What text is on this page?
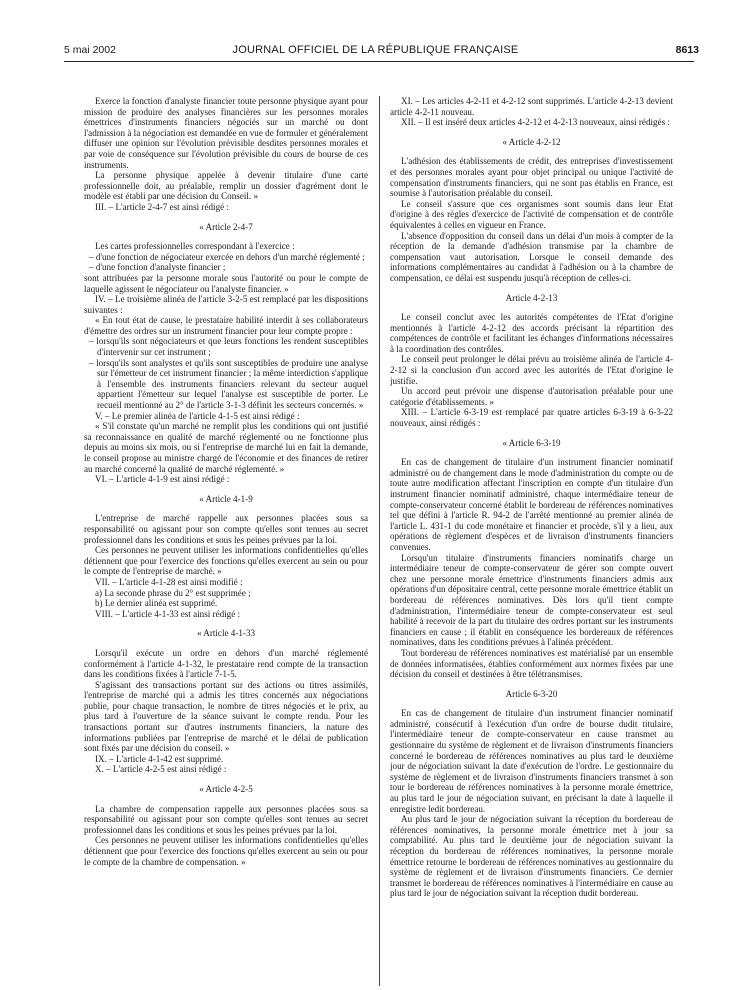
5 mai 2002	JOURNAL OFFICIEL DE LA RÉPUBLIQUE FRANÇAISE	8613

Exerce la fonction d'analyste financier toute personne physique ayant pour mission de produire des analyses financières sur les personnes morales émettrices d'instruments financiers négociés sur un marché ou dont l'admission à la négociation est demandée en vue de formuler et généralement diffuser une opinion sur l'évolution prévisible desdites personnes morales et par voie de conséquence sur l'évolution prévisible du cours de bourse de ces instruments.

La personne physique appelée à devenir titulaire d'une carte professionnelle doit, au préalable, remplir un dossier d'agrément dont le modèle est établi par une décision du Conseil. »

III. – L'article 2-4-7 est ainsi rédigé :

« Article 2-4-7

Les cartes professionnelles correspondant à l'exercice :

– d'une fonction de négociateur exercée en dehors d'un marché réglementé ;
– d'une fonction d'analyste financier ;

sont attribuées par la personne morale sous l'autorité ou pour le compte de laquelle agissent le négociateur ou l'analyste financier. »

IV. – Le troisième alinéa de l'article 3-2-5 est remplacé par les dispositions suivantes :

« En tout état de cause, le prestataire habilité interdit à ses collaborateurs d'émettre des ordres sur un instrument financier pour leur compte propre :

– lorsqu'ils sont négociateurs et que leurs fonctions les rendent susceptibles d'intervenir sur cet instrument ;
– lorsqu'ils sont analystes et qu'ils sont susceptibles de produire une analyse sur l'émetteur de cet instrument financier ; la même interdiction s'applique à l'ensemble des instruments financiers relevant du secteur auquel appartient l'émetteur sur lequel l'analyse est susceptible de porter. Le recueil mentionné au 2° de l'article 3-1-3 définit les secteurs concernés. »

V. – Le premier alinéa de l'article 4-1-5 est ainsi rédigé :

« S'il constate qu'un marché ne remplit plus les conditions qui ont justifié sa reconnaissance en qualité de marché réglementé ou ne fonctionne plus depuis au moins six mois, ou si l'entreprise de marché lui en fait la demande, le conseil propose au ministre chargé de l'économie et des finances de retirer au marché concerné la qualité de marché réglementé. »

VI. – L'article 4-1-9 est ainsi rédigé :

« Article 4-1-9

L'entreprise de marché rappelle aux personnes placées sous sa responsabilité ou agissant pour son compte qu'elles sont tenues au secret professionnel dans les conditions et sous les peines prévues par la loi.

Ces personnes ne peuvent utiliser les informations confidentielles qu'elles détiennent que pour l'exercice des fonctions qu'elles exercent au sein ou pour le compte de l'entreprise de marché. »

VII. – L'article 4-1-28 est ainsi modifié :

a) La seconde phrase du 2° est supprimée ;

b) Le dernier alinéa est supprimé.

VIII. – L'article 4-1-33 est ainsi rédigé :

« Article 4-1-33

Lorsqu'il exécute un ordre en dehors d'un marché réglementé conformément à l'article 4-1-32, le prestataire rend compte de la transaction dans les conditions fixées à l'article 7-1-5.

S'agissant des transactions portant sur des actions ou titres assimilés, l'entreprise de marché qui a admis les titres concernés aux négociations publie, pour chaque transaction, le nombre de titres négociés et le prix, au plus tard à l'ouverture de la séance suivant le compte rendu. Pour les transactions portant sur d'autres instruments financiers, la nature des informations publiées par l'entreprise de marché et le délai de publication sont fixés par une décision du conseil. »

IX. – L'article 4-1-42 est supprimé.

X. – L'article 4-2-5 est ainsi rédigé :

« Article 4-2-5

La chambre de compensation rappelle aux personnes placées sous sa responsabilité ou agissant pour son compte qu'elles sont tenues au secret professionnel dans les conditions et sous les peines prévues par la loi.

Ces personnes ne peuvent utiliser les informations confidentielles qu'elles détiennent que pour l'exercice des fonctions qu'elles exercent au sein ou pour le compte de la chambre de compensation. »

XI. – Les articles 4-2-11 et 4-2-12 sont supprimés. L'article 4-2-13 devient article 4-2-11 nouveau.

XII. – Il est inséré deux articles 4-2-12 et 4-2-13 nouveaux, ainsi rédigés :

« Article 4-2-12

L'adhésion des établissements de crédit, des entreprises d'investissement et des personnes morales ayant pour objet principal ou unique l'activité de compensation d'instruments financiers, qui ne sont pas établis en France, est soumise à l'autorisation préalable du conseil.

Le conseil s'assure que ces organismes sont soumis dans leur Etat d'origine à des règles d'exercice de l'activité de compensation et de contrôle équivalentes à celles en vigueur en France.

L'absence d'opposition du conseil dans un délai d'un mois à compter de la réception de la demande d'adhésion transmise par la chambre de compensation vaut autorisation. Lorsque le conseil demande des informations complémentaires au candidat à l'adhésion ou à la chambre de compensation, ce délai est suspendu jusqu'à réception de celles-ci.

Article 4-2-13

Le conseil conclut avec les autorités compétentes de l'Etat d'origine mentionnés à l'article 4-2-12 des accords précisant la répartition des compétences de contrôle et facilitant les échanges d'informations nécessaires à la coordination des contrôles.

Le conseil peut prolonger le délai prévu au troisième alinéa de l'article 4-2-12 si la conclusion d'un accord avec les autorités de l'Etat d'origine le justifie.

Un accord peut prévoir une dispense d'autorisation préalable pour une catégorie d'établissements. »

XIII. – L'article 6-3-19 est remplacé par quatre articles 6-3-19 à 6-3-22 nouveaux, ainsi rédigés :

« Article 6-3-19

En cas de changement de titulaire d'un instrument financier nominatif administré ou de changement dans le mode d'administration du compte ou de toute autre modification affectant l'inscription en compte d'un titulaire d'un instrument financier nominatif administré, chaque intermédiaire teneur de compte-conservateur concerné établit le bordereau de références nominatives tel que défini à l'article R. 94-2 de l'arrêté mentionné au premier alinéa de l'article L. 431-1 du code monétaire et financier et procède, s'il y a lieu, aux opérations de règlement d'espèces et de livraison d'instruments financiers convenues.

Lorsqu'un titulaire d'instruments financiers nominatifs charge un intermédiaire teneur de compte-conservateur de gérer son compte ouvert chez une personne morale émettrice d'instruments financiers admis aux opérations d'un dépositaire central, cette personne morale émettrice établit un bordereau de références nominatives. Dès lors qu'il tient compte d'administration, l'intermédiaire teneur de compte-conservateur est seul habilité à recevoir de la part du titulaire des ordres portant sur les instruments financiers en cause ; il établit en conséquence les bordereaux de références nominatives, dans les conditions prévues à l'alinéa précédent.

Tout bordereau de références nominatives est matérialisé par un ensemble de données informatisées, établies conformément aux normes fixées par une décision du conseil et destinées à être télétransmises.

Article 6-3-20

En cas de changement de titulaire d'un instrument financier nominatif administré, consécutif à l'exécution d'un ordre de bourse dudit titulaire, l'intermédiaire teneur de compte-conservateur en cause transmet au gestionnaire du système de règlement et de livraison d'instruments financiers concerné le bordereau de références nominatives au plus tard le deuxième jour de négociation suivant la date d'exécution de l'ordre. Le gestionnaire du système de règlement et de livraison d'instruments financiers transmet à son tour le bordereau de références nominatives à la personne morale émettrice, au plus tard le jour de négociation suivant, en précisant la date à laquelle il enregistre ledit bordereau.

Au plus tard le jour de négociation suivant la réception du bordereau de références nominatives, la personne morale émettrice met à jour sa comptabilité. Au plus tard le deuxième jour de négociation suivant la réception du bordereau de références nominatives, la personne morale émettrice retourne le bordereau de références nominatives au gestionnaire du système de règlement et de livraison d'instruments financiers. Ce dernier transmet le bordereau de références nominatives à l'intermédiaire en cause au plus tard le jour de négociation suivant la réception dudit bordereau.
